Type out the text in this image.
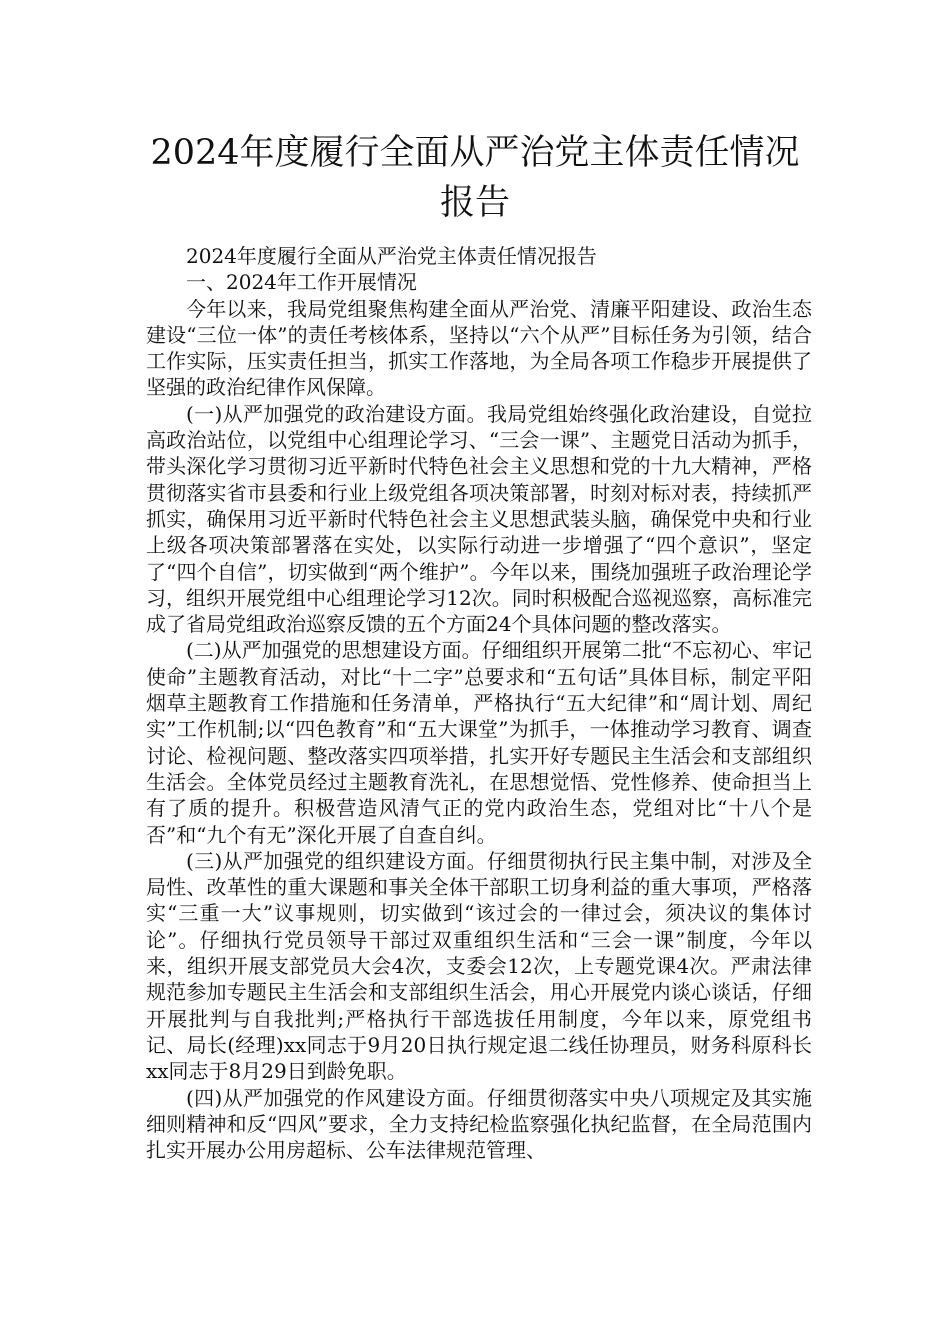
2024年度履行全面从严治党主体责任情况
报告

2024年度履行全面从严治党主体责任情况报告

一、2024年工作开展情况

今年以来，我局党组聚焦构建全面从严治党、清廉平阳建设、政治生态建设“三位一体”的责任考核体系，坚持以“六个从严”目标任务为引领，结合工作实际，压实责任担当，抓实工作落地，为全局各项工作稳步开展提供了坚强的政治纪律作风保障。

(一)从严加强党的政治建设方面。我局党组始终强化政治建设，自觉拉高政治站位，以党组中心组理论学习、“三会一课”、主题党日活动为抓手，带头深化学习贯彻习近平新时代特色社会主义思想和党的十九大精神，严格贯彻落实省市县委和行业上级党组各项决策部署，时刻对标对表，持续抓严抓实，确保用习近平新时代特色社会主义思想武装头脑，确保党中央和行业上级各项决策部署落在实处，以实际行动进一步增强了“四个意识”，坚定了“四个自信”，切实做到“两个维护”。今年以来，围绕加强班子政治理论学习，组织开展党组中心组理论学习12次。同时积极配合巡视巡察，高标准完成了省局党组政治巡察反馈的五个方面24个具体问题的整改落实。

(二)从严加强党的思想建设方面。仔细组织开展第二批“不忘初心、牢记使命”主题教育活动，对比“十二字”总要求和“五句话”具体目标，制定平阳烟草主题教育工作措施和任务清单，严格执行“五大纪律”和“周计划、周纪实”工作机制;以“四色教育”和“五大课堂”为抓手，一体推动学习教育、调查讨论、检视问题、整改落实四项举措，扎实开好专题民主生活会和支部组织生活会。全体党员经过主题教育洗礼，在思想觉悟、党性修养、使命担当上有了质的提升。积极营造风清气正的党内政治生态，党组对比“十八个是否”和“九个有无”深化开展了自查自纠。

(三)从严加强党的组织建设方面。仔细贯彻执行民主集中制，对涉及全局性、改革性的重大课题和事关全体干部职工切身利益的重大事项，严格落实“三重一大”议事规则，切实做到“该过会的一律过会，须决议的集体讨论”。仔细执行党员领导干部过双重组织生活和“三会一课”制度，今年以来，组织开展支部党员大会4次，支委会12次，上专题党课4次。严肃法律规范参加专题民主生活会和支部组织生活会，用心开展党内谈心谈话，仔细开展批判与自我批判;严格执行干部选拔任用制度，今年以来，原党组书记、局长(经理)xx同志于9月20日执行规定退二线任协理员，财务科原科长xx同志于8月29日到龄免职。

(四)从严加强党的作风建设方面。仔细贯彻落实中央八项规定及其实施细则精神和反“四风”要求，全力支持纪检监察强化执纪监督，在全局范围内扎实开展办公用房超标、公车法律规范管理、
